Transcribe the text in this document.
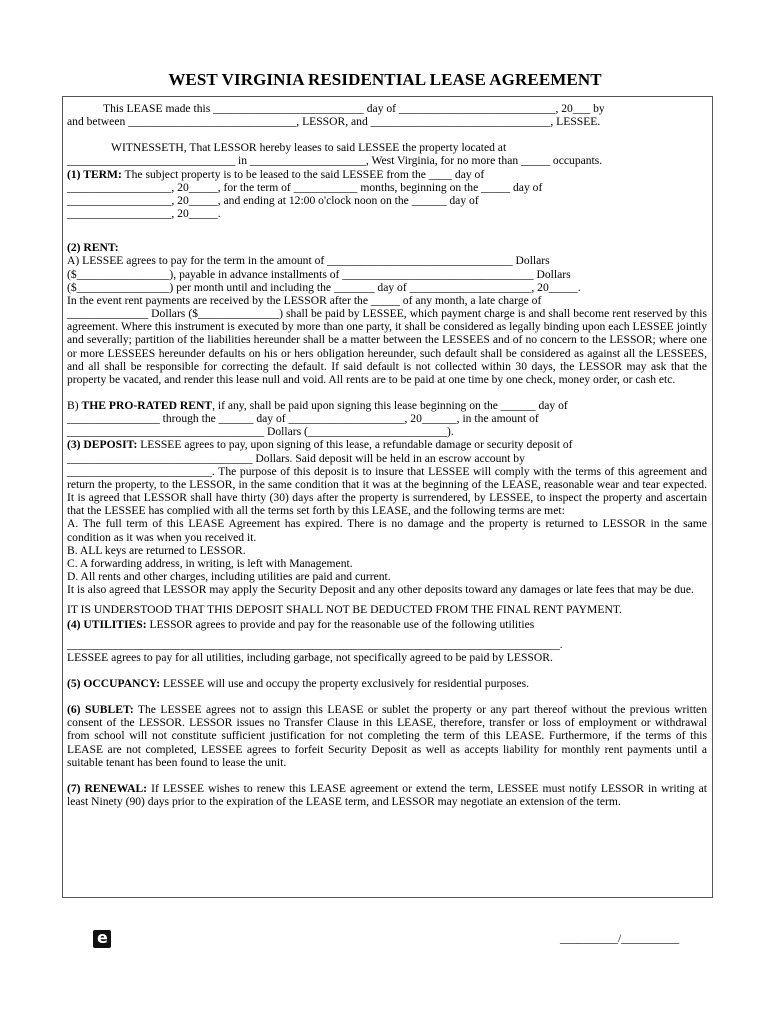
WEST VIRGINIA RESIDENTIAL LEASE AGREEMENT

This LEASE made this __________________________ day of ___________________________, 20___ by

and between _____________________________, LESSOR, and _______________________________, LESSEE.

WITNESSETH, That LESSOR hereby leases to said LESSEE the property located at

_____________________________ in ____________________, West Virginia, for no more than _____ occupants.

(1) TERM: The subject property is to be leased to the said LESSEE from the ____ day of

__________________, 20_____, for the term of ___________ months, beginning on the _____ day of

__________________, 20_____, and ending at 12:00 o'clock noon on the ______ day of

__________________, 20_____.

(2) RENT:

A) LESSEE agrees to pay for the term in the amount of ________________________________ Dollars

($________________), payable in advance installments of _________________________________ Dollars

($________________) per month until and including the _______ day of _____________________, 20_____.

In the event rent payments are received by the LESSOR after the _____ of any month, a late charge of

______________ Dollars ($______________) shall be paid by LESSEE, which payment charge is and shall become rent reserved by this agreement. Where this instrument is executed by more than one party, it shall be considered as legally binding upon each LESSEE jointly and severally; partition of the liabilities hereunder shall be a matter between the LESSEES and of no concern to the LESSOR; where one or more LESSEES hereunder defaults on his or hers obligation hereunder, such default shall be considered as against all the LESSEES, and all shall be responsible for correcting the default. If said default is not collected within 30 days, the LESSOR may ask that the property be vacated, and render this lease null and void. All rents are to be paid at one time by one check, money order, or cash etc.

B) THE PRO-RATED RENT, if any, shall be paid upon signing this lease beginning on the ______ day of

________________ through the ______ day of ____________________, 20______, in the amount of

__________________________________ Dollars (________________________).

(3) DEPOSIT: LESSEE agrees to pay, upon signing of this lease, a refundable damage or security deposit of

________________________________ Dollars. Said deposit will be held in an escrow account by

_________________________. The purpose of this deposit is to insure that LESSEE will comply with the terms of this agreement and return the property, to the LESSOR, in the same condition that it was at the beginning of the LEASE, reasonable wear and tear expected. It is agreed that LESSOR shall have thirty (30) days after the property is surrendered, by LESSEE, to inspect the property and ascertain that the LESSEE has complied with all the terms set forth by this LEASE, and the following terms are met:

A. The full term of this LEASE Agreement has expired. There is no damage and the property is returned to LESSOR in the same condition as it was when you received it.

B. ALL keys are returned to LESSOR.

C. A forwarding address, in writing, is left with Management.

D. All rents and other charges, including utilities are paid and current.

It is also agreed that LESSOR may apply the Security Deposit and any other deposits toward any damages or late fees that may be due.

IT IS UNDERSTOOD THAT THIS DEPOSIT SHALL NOT BE DEDUCTED FROM THE FINAL RENT PAYMENT.

(4) UTILITIES: LESSOR agrees to provide and pay for the reasonable use of the following utilities

_____________________________________________________________________________________.

LESSEE agrees to pay for all utilities, including garbage, not specifically agreed to be paid by LESSOR.

(5) OCCUPANCY: LESSEE will use and occupy the property exclusively for residential purposes.

(6) SUBLET: The LESSEE agrees not to assign this LEASE or sublet the property or any part thereof without the previous written consent of the LESSOR. LESSOR issues no Transfer Clause in this LEASE, therefore, transfer or loss of employment or withdrawal from school will not constitute sufficient justification for not completing the term of this LEASE. Furthermore, if the terms of this LEASE are not completed, LESSEE agrees to forfeit Security Deposit as well as accepts liability for monthly rent payments until a suitable tenant has been found to lease the unit.

(7) RENEWAL: If LESSEE wishes to renew this LEASE agreement or extend the term, LESSEE must notify LESSOR in writing at least Ninety (90) days prior to the expiration of the LEASE term, and LESSOR may negotiate an extension of the term.

e	__________/__________
